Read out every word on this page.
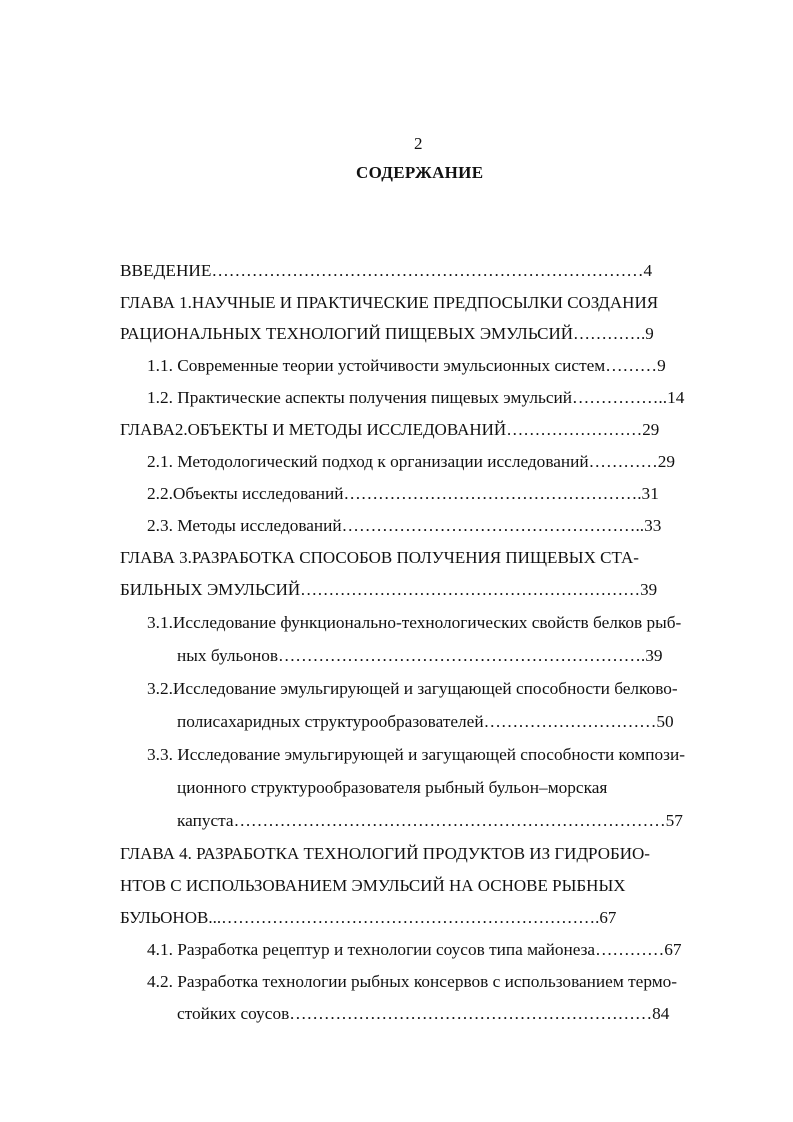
2
СОДЕРЖАНИЕ
ВВЕДЕНИЕ…………………………………………………………………4
ГЛАВА 1.НАУЧНЫЕ И ПРАКТИЧЕСКИЕ ПРЕДПОСЫЛКИ СОЗДАНИЯ
РАЦИОНАЛЬНЫХ ТЕХНОЛОГИЙ ПИЩЕВЫХ ЭМУЛЬСИЙ………….9
1.1. Современные теории устойчивости эмульсионных систем………9
1.2. Практические аспекты получения пищевых эмульсий……………..14
ГЛАВА2.ОБЪЕКТЫ И МЕТОДЫ ИССЛЕДОВАНИЙ……………………29
2.1. Методологический подход к организации исследований…………29
2.2.Объекты исследований…………………………………………….31
2.3. Методы исследований……………………………………………..33
ГЛАВА 3.РАЗРАБОТКА СПОСОБОВ ПОЛУЧЕНИЯ ПИЩЕВЫХ СТА-
БИЛЬНЫХ ЭМУЛЬСИЙ……………………………………………………39
3.1.Исследование функционально-технологических свойств белков рыб-
ных бульонов……………………………………………………….39
3.2.Исследование эмульгирующей и загущающей способности белково-
полисахаридных структурообразователей…………………………50
3.3. Исследование эмульгирующей и загущающей способности компози-
ционного структурообразователя рыбный бульон–морская
капуста…………………………………………………………………57
ГЛАВА 4. РАЗРАБОТКА ТЕХНОЛОГИЙ ПРОДУКТОВ ИЗ ГИДРОБИО-
НТОВ С ИСПОЛЬЗОВАНИЕМ ЭМУЛЬСИЙ НА ОСНОВЕ РЫБНЫХ
БУЛЬОНОВ...………………………………………………………….67
4.1. Разработка рецептур и технологии соусов типа майонеза…………67
4.2. Разработка технологии рыбных консервов с использованием термо-
стойких соусов………………………………………………………84
